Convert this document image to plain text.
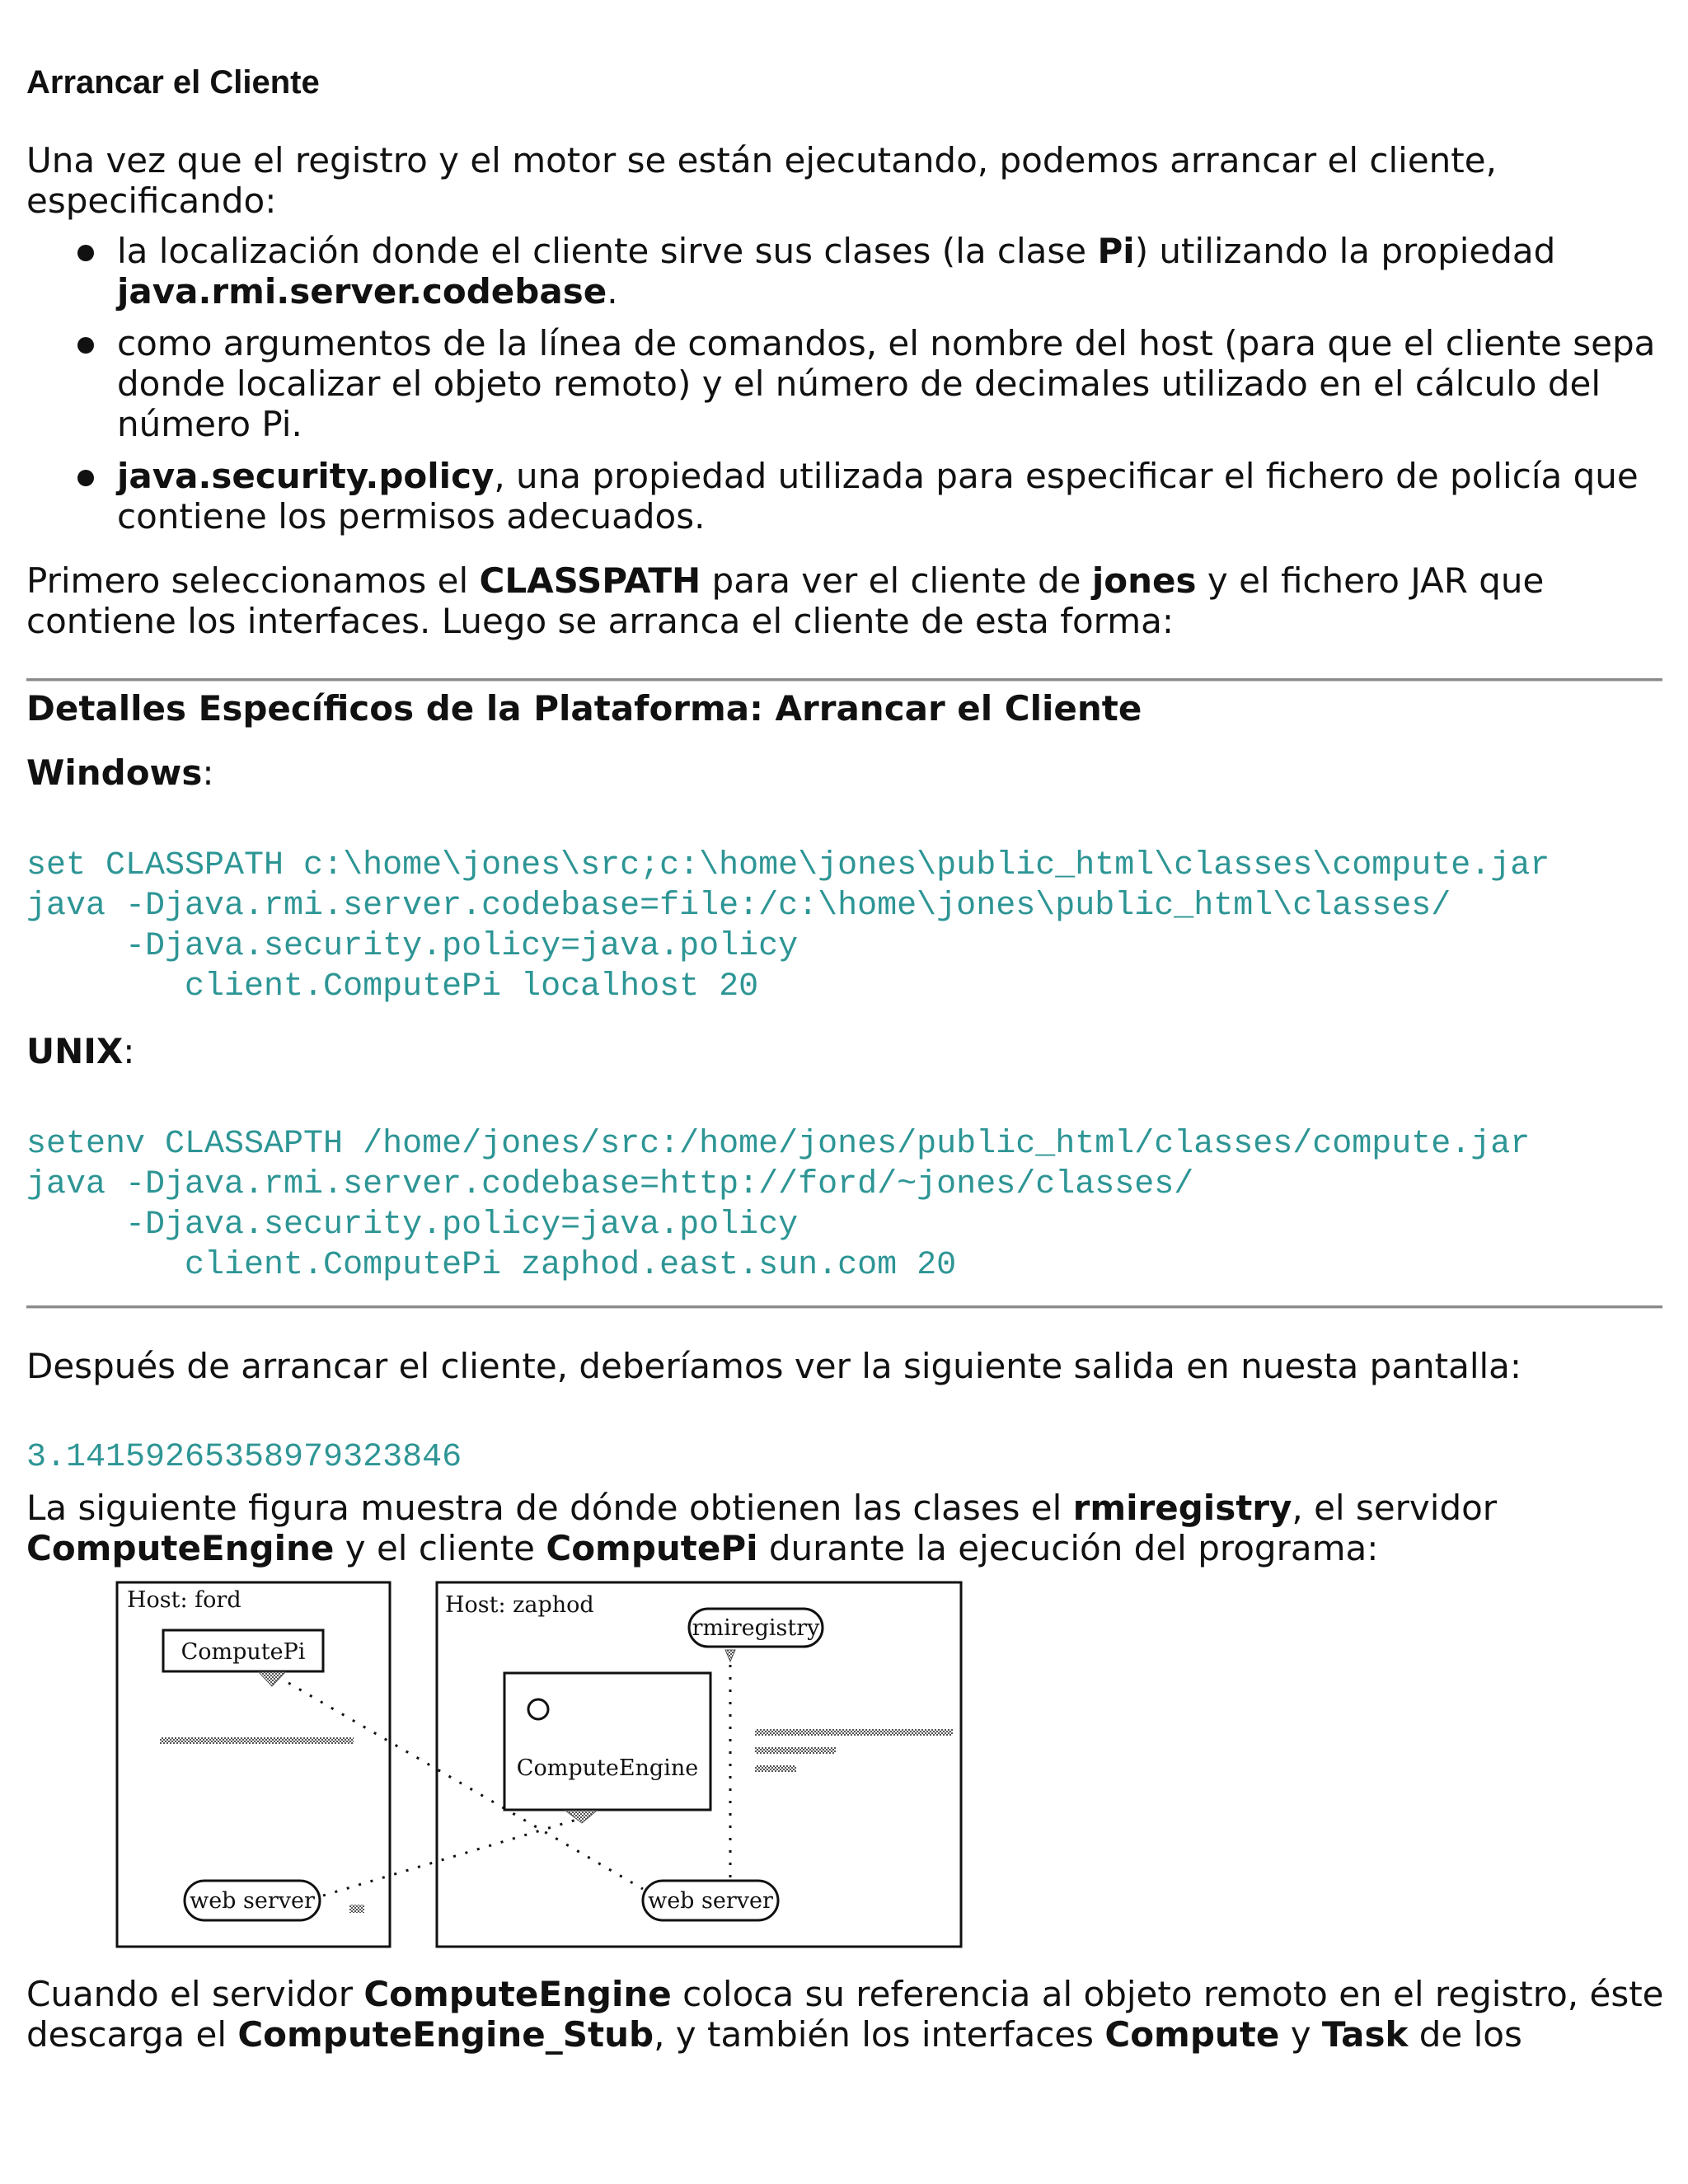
Arrancar el Cliente

Una vez que el registro y el motor se están ejecutando, podemos arrancar el cliente, especificando:

la localización donde el cliente sirve sus clases (la clase Pi) utilizando la propiedad java.rmi.server.codebase.
como argumentos de la línea de comandos, el nombre del host (para que el cliente sepa donde localizar el objeto remoto) y el número de decimales utilizado en el cálculo del número Pi.
java.security.policy, una propiedad utilizada para especificar el fichero de policía que contiene los permisos adecuados.

Primero seleccionamos el CLASSPATH para ver el cliente de jones y el fichero JAR que contiene los interfaces. Luego se arranca el cliente de esta forma:

Detalles Específicos de la Plataforma: Arrancar el Cliente
Windows:
set CLASSPATH c:\home\jones\src;c:\home\jones\public_html\classes\compute.jar
java -Djava.rmi.server.codebase=file:/c:\home\jones\public_html\classes/
-Djava.security.policy=java.policy
client.ComputePi localhost 20
UNIX:
setenv CLASSAPTH /home/jones/src:/home/jones/public_html/classes/compute.jar
java -Djava.rmi.server.codebase=http://ford/~jones/classes/
-Djava.security.policy=java.policy
client.ComputePi zaphod.east.sun.com 20

Después de arrancar el cliente, deberíamos ver la siguiente salida en nuesta pantalla:

3.14159265358979323846

La siguiente figura muestra de dónde obtienen las clases el rmiregistry, el servidor ComputeEngine y el cliente ComputePi durante la ejecución del programa:

Host: ford
ComputePi
web server
Host: zaphod
rmiregistry
ComputeEngine
web server

Cuando el servidor ComputeEngine coloca su referencia al objeto remoto en el registro, éste descarga el ComputeEngine_Stub, y también los interfaces Compute y Task de los
